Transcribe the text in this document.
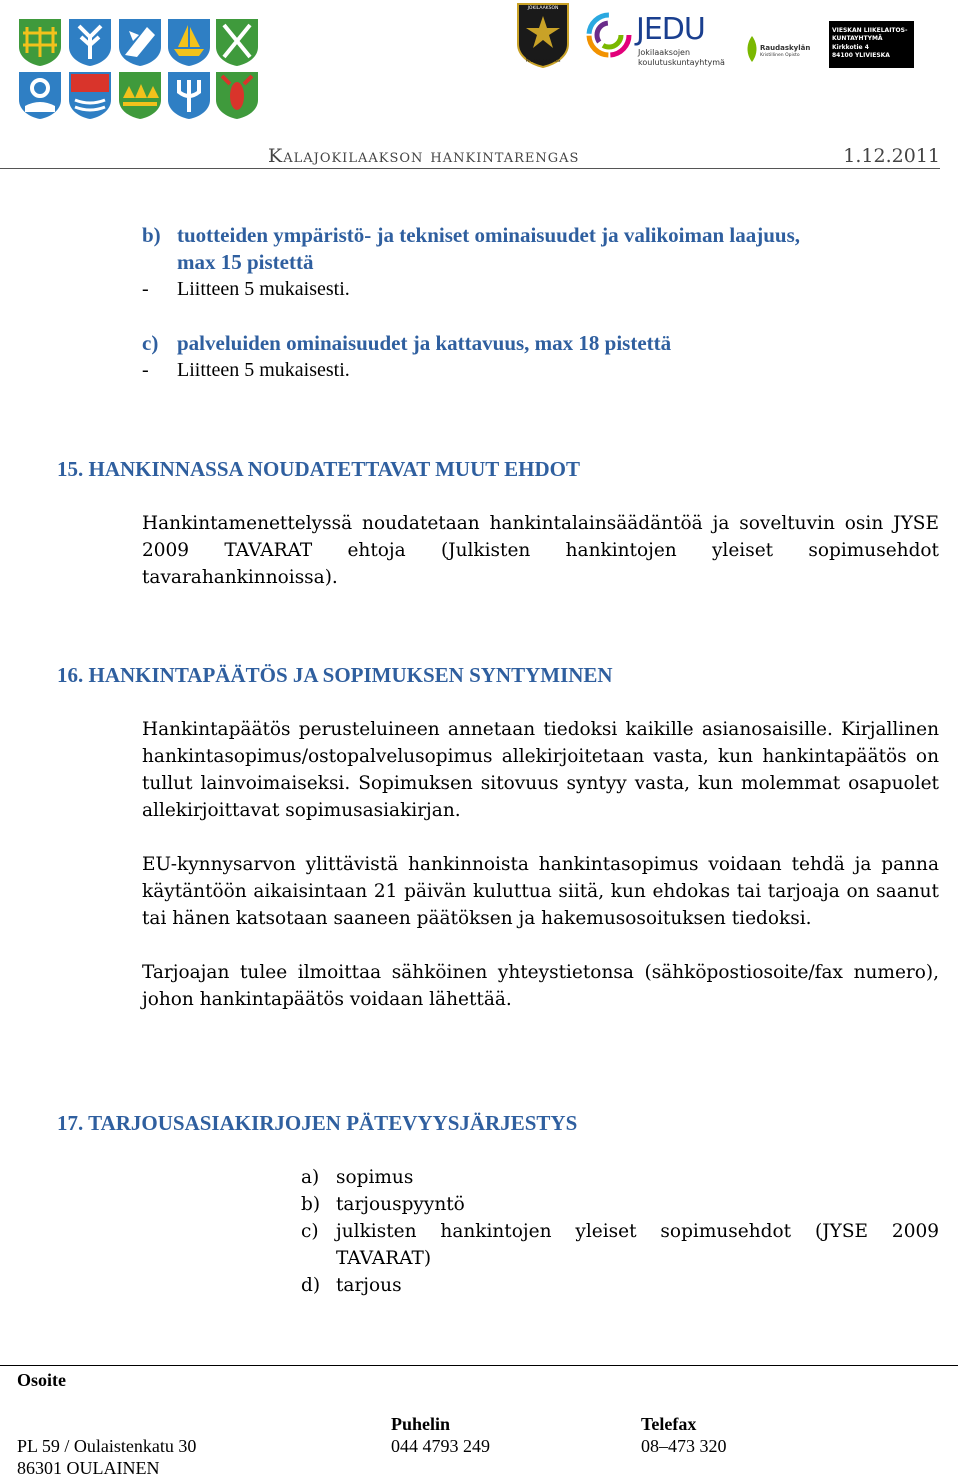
JOKILAAKSON
PELASTUSLAITOS
JEDU
Jokilaaksojen
koulutuskuntayhtymä
Raudaskylän
Kristillinen Opisto
VIESKAN LIIKELAITOS-
KUNTAYHTYMÄ
Kirkkotie 4
84100 YLIVIESKA
Kalajokilaakson hankintarengas	1.12.2011
b) tuotteiden ympäristö- ja tekniset ominaisuudet ja valikoiman laajuus,
max 15 pistettä
- Liitteen 5 mukaisesti.
c) palveluiden ominaisuudet ja kattavuus, max 18 pistettä
- Liitteen 5 mukaisesti.
15. HANKINNASSA NOUDATETTAVAT MUUT EHDOT
Hankintamenettelyssä noudatetaan hankintalainsäädäntöä ja soveltuvin osin JYSE 2009 TAVARAT ehtoja (Julkisten hankintojen yleiset sopimusehdot tavarahankinnoissa).
16. HANKINTAPÄÄTÖS JA SOPIMUKSEN SYNTYMINEN
Hankintapäätös perusteluineen annetaan tiedoksi kaikille asianosaisille. Kirjallinen hankintasopimus/ostopalvelusopimus allekirjoitetaan vasta, kun hankintapäätös on tullut lainvoimaiseksi. Sopimuksen sitovuus syntyy vasta, kun molemmat osapuolet allekirjoittavat sopimusasiakirjan.
EU-kynnysarvon ylittävistä hankinnoista hankintasopimus voidaan tehdä ja panna käytäntöön aikaisintaan 21 päivän kuluttua siitä, kun ehdokas tai tarjoaja on saanut tai hänen katsotaan saaneen päätöksen ja hakemusosoituksen tiedoksi.
Tarjoajan tulee ilmoittaa sähköinen yhteystietonsa (sähköpostiosoite/fax numero), johon hankintapäätös voidaan lähettää.
17. TARJOUSASIAKIRJOJEN PÄTEVYYSJÄRJESTYS
a) sopimus
b) tarjouspyyntö
c) julkisten hankintojen yleiset sopimusehdot (JYSE 2009 TAVARAT)
d) tarjous
Osoite
Puhelin	Telefax
PL 59 / Oulaistenkatu 30	044 4793 249	08–473 320
86301 OULAINEN
